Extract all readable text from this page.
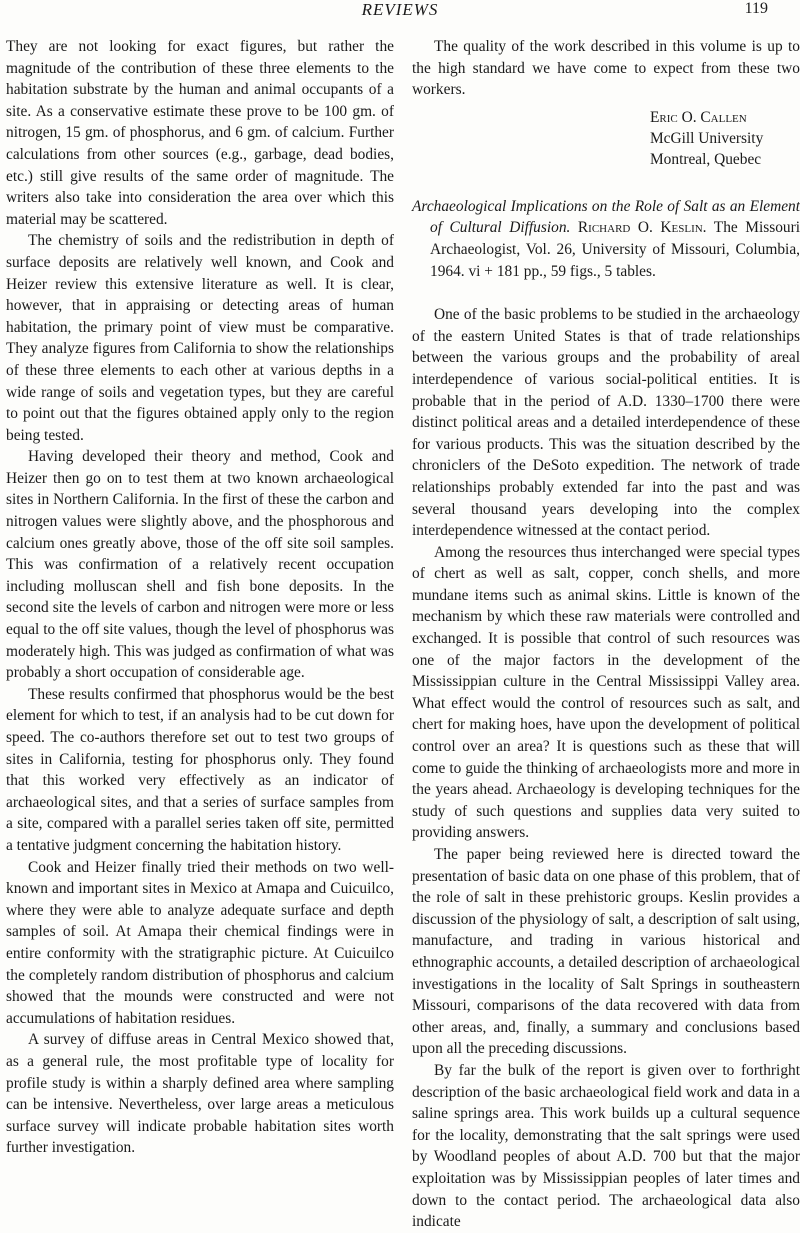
REVIEWS	119

They are not looking for exact figures, but rather the magnitude of the contribution of these three elements to the habitation substrate by the human and animal occupants of a site. As a conservative estimate these prove to be 100 gm. of nitrogen, 15 gm. of phosphorus, and 6 gm. of calcium. Further calculations from other sources (e.g., garbage, dead bodies, etc.) still give results of the same order of magnitude. The writers also take into consideration the area over which this material may be scattered.

The chemistry of soils and the redistribution in depth of surface deposits are relatively well known, and Cook and Heizer review this extensive literature as well. It is clear, however, that in appraising or detecting areas of human habitation, the primary point of view must be comparative. They analyze figures from California to show the relationships of these three elements to each other at various depths in a wide range of soils and vegetation types, but they are careful to point out that the figures obtained apply only to the region being tested.

Having developed their theory and method, Cook and Heizer then go on to test them at two known archaeological sites in Northern California. In the first of these the carbon and nitrogen values were slightly above, and the phosphorous and calcium ones greatly above, those of the off site soil samples. This was confirmation of a relatively recent occupation including molluscan shell and fish bone deposits. In the second site the levels of carbon and nitrogen were more or less equal to the off site values, though the level of phosphorus was moderately high. This was judged as confirmation of what was probably a short occupation of considerable age.

These results confirmed that phosphorus would be the best element for which to test, if an analysis had to be cut down for speed. The co-authors therefore set out to test two groups of sites in California, testing for phosphorus only. They found that this worked very effectively as an indicator of archaeological sites, and that a series of surface samples from a site, compared with a parallel series taken off site, permitted a tentative judgment concerning the habitation history.

Cook and Heizer finally tried their methods on two well-known and important sites in Mexico at Amapa and Cuicuilco, where they were able to analyze adequate surface and depth samples of soil. At Amapa their chemical findings were in entire conformity with the stratigraphic picture. At Cuicuilco the completely random distribution of phosphorus and calcium showed that the mounds were constructed and were not accumulations of habitation residues.

A survey of diffuse areas in Central Mexico showed that, as a general rule, the most profitable type of locality for profile study is within a sharply defined area where sampling can be intensive. Nevertheless, over large areas a meticulous surface survey will indicate probable habitation sites worth further investigation.

The quality of the work described in this volume is up to the high standard we have come to expect from these two workers.

Eric O. Callen
McGill University
Montreal, Quebec
Archaeological Implications on the Role of Salt as an Element of Cultural Diffusion. Richard O. Keslin. The Missouri Archaeologist, Vol. 26, University of Missouri, Columbia, 1964. vi + 181 pp., 59 figs., 5 tables.

One of the basic problems to be studied in the archaeology of the eastern United States is that of trade relationships between the various groups and the probability of areal interdependence of various social-political entities. It is probable that in the period of A.D. 1330–1700 there were distinct political areas and a detailed interdependence of these for various products. This was the situation described by the chroniclers of the DeSoto expedition. The network of trade relationships probably extended far into the past and was several thousand years developing into the complex interdependence witnessed at the contact period.

Among the resources thus interchanged were special types of chert as well as salt, copper, conch shells, and more mundane items such as animal skins. Little is known of the mechanism by which these raw materials were controlled and exchanged. It is possible that control of such resources was one of the major factors in the development of the Mississippian culture in the Central Mississippi Valley area. What effect would the control of resources such as salt, and chert for making hoes, have upon the development of political control over an area? It is questions such as these that will come to guide the thinking of archaeologists more and more in the years ahead. Archaeology is developing techniques for the study of such questions and supplies data very suited to providing answers.

The paper being reviewed here is directed toward the presentation of basic data on one phase of this problem, that of the role of salt in these prehistoric groups. Keslin provides a discussion of the physiology of salt, a description of salt using, manufacture, and trading in various historical and ethnographic accounts, a detailed description of archaeological investigations in the locality of Salt Springs in southeastern Missouri, comparisons of the data recovered with data from other areas, and, finally, a summary and conclusions based upon all the preceding discussions.

By far the bulk of the report is given over to forthright description of the basic archaeological field work and data in a saline springs area. This work builds up a cultural sequence for the locality, demonstrating that the salt springs were used by Woodland peoples of about A.D. 700 but that the major exploitation was by Mississippian peoples of later times and down to the contact period. The archaeological data also indicate
